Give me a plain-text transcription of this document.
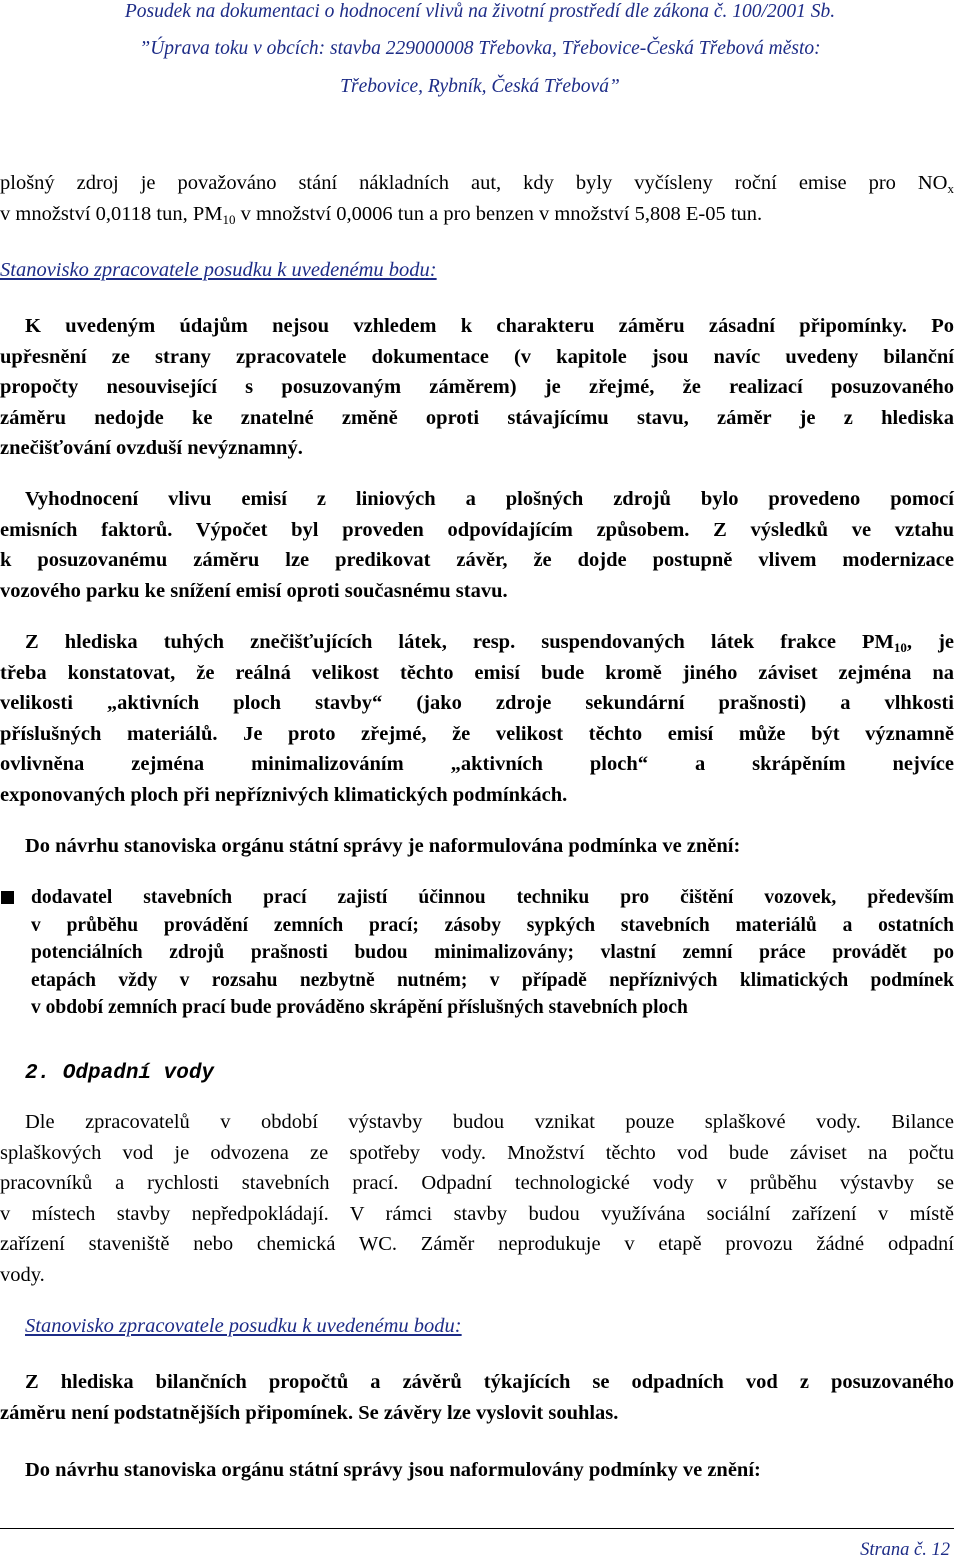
Posudek na dokumentaci o hodnocení vlivů na životní prostředí dle zákona č. 100/2001 Sb.
”Úprava toku v obcích: stavba 229000008 Třebovka, Třebovice-Česká Třebová město:
Třebovice, Rybník, Česká Třebová”
plošný zdroj je považováno stání nákladních aut, kdy byly vyčísleny roční emise pro $NO_x$
v množství 0,0118 tun, $PM_{10}$ v množství 0,0006 tun a pro benzen v množství 5,808 E-05 tun.
Stanovisko zpracovatele posudku k uvedenému bodu:
K uvedeným údajům nejsou vzhledem k charakteru záměru zásadní připomínky. Po
upřesnění ze strany zpracovatele dokumentace (v kapitole jsou navíc uvedeny bilanční
propočty nesouvisející s posuzovaným záměrem) je zřejmé, že realizací posuzovaného
záměru nedojde ke znatelné změně oproti stávajícímu stavu, záměr je z hlediska
znečišťování ovzduší nevýznamný.
Vyhodnocení vlivu emisí z liniových a plošných zdrojů bylo provedeno pomocí
emisních faktorů. Výpočet byl proveden odpovídajícím způsobem. Z výsledků ve vztahu
k posuzovanému záměru lze predikovat závěr, že dojde postupně vlivem modernizace
vozového parku ke snížení emisí oproti současnému stavu.
Z hlediska tuhých znečišťujících látek, resp. suspendovaných látek frakce $PM_{10}$, je
třeba konstatovat, že reálná velikost těchto emisí bude kromě jiného záviset zejména na
velikosti „aktivních ploch stavby“ (jako zdroje sekundární prašnosti) a vlhkosti
příslušných materiálů. Je proto zřejmé, že velikost těchto emisí může být významně
ovlivněna zejména minimalizováním „aktivních ploch“ a skrápěním nejvíce
exponovaných ploch při nepříznivých klimatických podmínkách.
Do návrhu stanoviska orgánu státní správy je naformulována podmínka ve znění:
dodavatel stavebních prací zajistí účinnou techniku pro čištění vozovek, především
v průběhu provádění zemních prací; zásoby sypkých stavebních materiálů a ostatních
potenciálních zdrojů prašnosti budou minimalizovány; vlastní zemní práce provádět po
etapách vždy v rozsahu nezbytně nutném; v případě nepříznivých klimatických podmínek
v období zemních prací bude prováděno skrápění příslušných stavebních ploch
2. Odpadní vody
Dle zpracovatelů v období výstavby budou vznikat pouze splaškové vody. Bilance
splaškových vod je odvozena ze spotřeby vody. Množství těchto vod bude záviset na počtu
pracovníků a rychlosti stavebních prací. Odpadní technologické vody v průběhu výstavby se
v místech stavby nepředpokládají. V rámci stavby budou využívána sociální zařízení v místě
zařízení staveniště nebo chemická WC. Záměr neprodukuje v etapě provozu žádné odpadní
vody.
Stanovisko zpracovatele posudku k uvedenému bodu:
Z hlediska bilančních propočtů a závěrů týkajících se odpadních vod z posuzovaného
záměru není podstatnějších připomínek. Se závěry lze vyslovit souhlas.
Do návrhu stanoviska orgánu státní správy jsou naformulovány podmínky ve znění:
Strana č. 12
